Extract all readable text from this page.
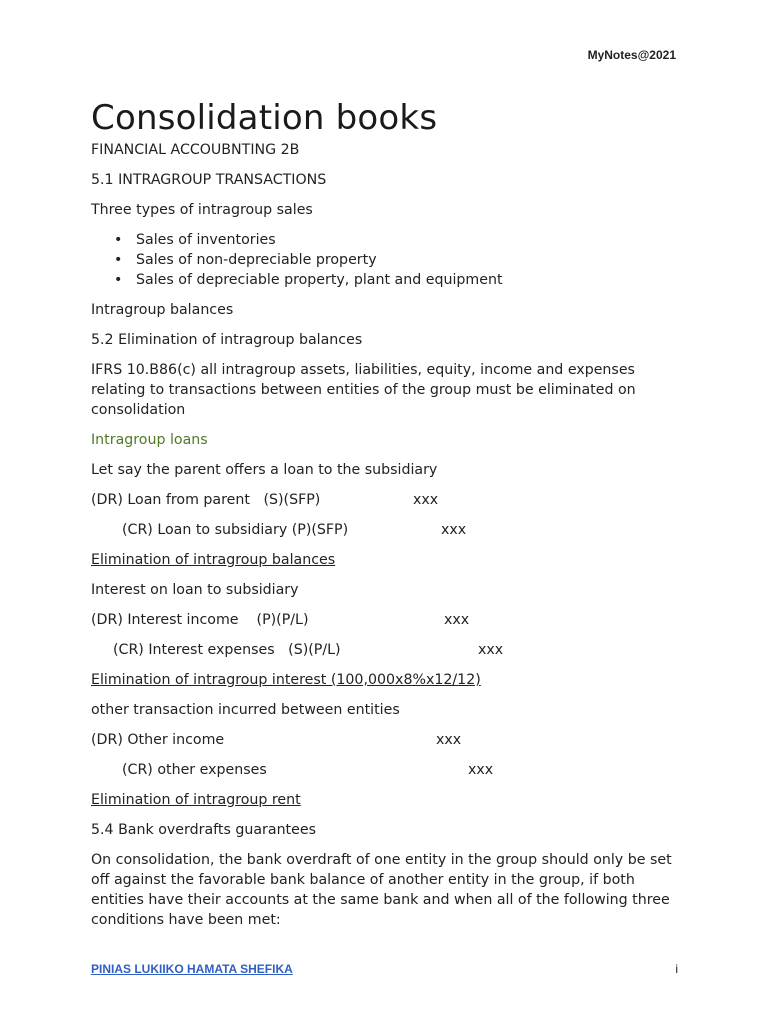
MyNotes@2021
Consolidation books

FINANCIAL ACCOUBNTING 2B

5.1 INTRAGROUP TRANSACTIONS

Three types of intragroup sales

• Sales of inventories
• Sales of non-depreciable property
• Sales of depreciable property, plant and equipment

Intragroup balances

5.2 Elimination of intragroup balances

IFRS 10.B86(c) all intragroup assets, liabilities, equity, income and expenses relating to transactions between entities of the group must be eliminated on consolidation

Intragroup loans

Let say the parent offers a loan to the subsidiary

(DR) Loan from parent   (S)(SFP)	xxx
(CR) Loan to subsidiary (P)(SFP)	xxx

Elimination of intragroup balances

Interest on loan to subsidiary

(DR) Interest income    (P)(P/L)	xxx
(CR) Interest expenses   (S)(P/L)	xxx

Elimination of intragroup interest (100,000x8%x12/12)

other transaction incurred between entities

(DR) Other income	xxx
(CR) other expenses	xxx

Elimination of intragroup rent

5.4 Bank overdrafts guarantees

On consolidation, the bank overdraft of one entity in the group should only be set off against the favorable bank balance of another entity in the group, if both entities have their accounts at the same bank and when all of the following three conditions have been met:

PINIAS LUKIIKO HAMATA SHEFIKA	i
